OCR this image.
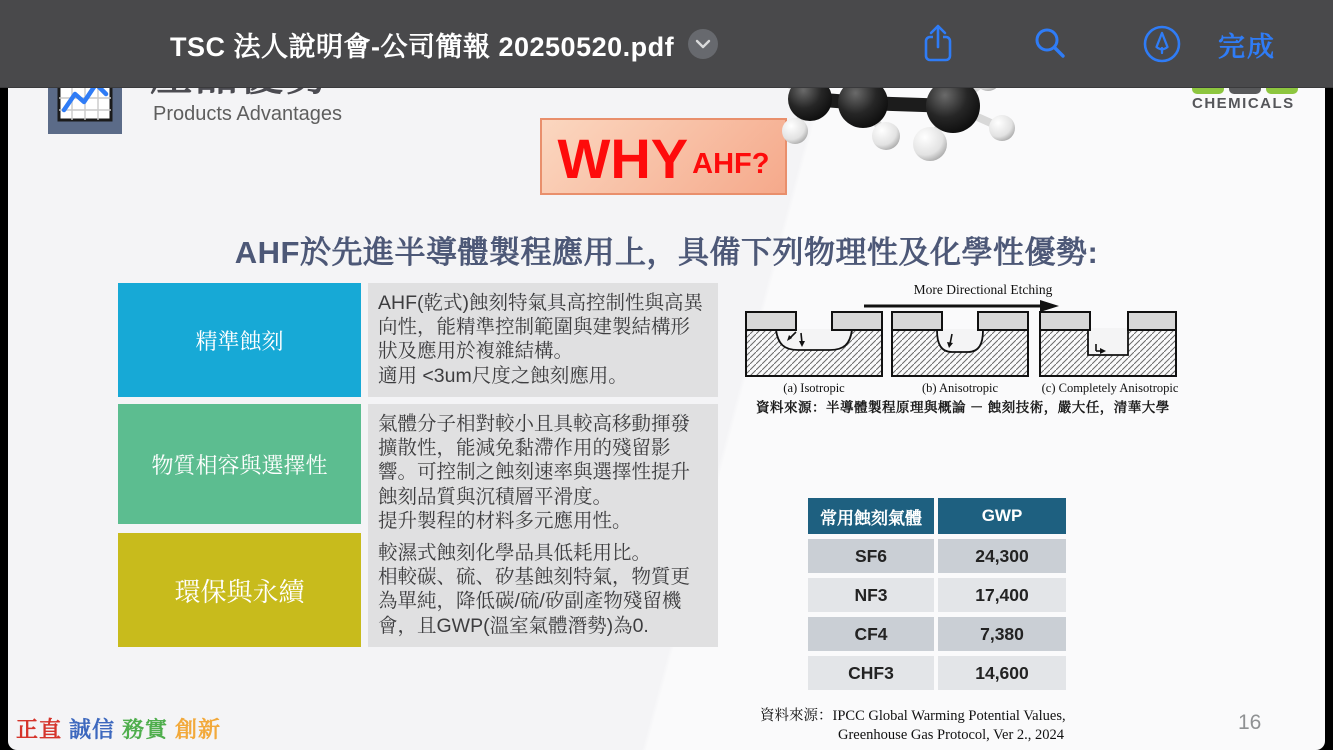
Products Advantages	CHEMICALS
WHY AHF?
AHF於先進半導體製程應用上，具備下列物理性及化學性優勢:
精準蝕刻
AHF(乾式)蝕刻特氣具高控制性與高異向性，能精準控制範圍與建製結構形狀及應用於複雜結構。
適用 <3um尺度之蝕刻應用。
物質相容與選擇性
氣體分子相對較小且具較高移動揮發擴散性，能減免黏滯作用的殘留影響。可控制之蝕刻速率與選擇性提升蝕刻品質與沉積層平滑度。
提升製程的材料多元應用性。
環保與永續
較濕式蝕刻化學品具低耗用比。
相較碳、硫、矽基蝕刻特氣，物質更為單純，降低碳/硫/矽副產物殘留機會，且GWP(溫室氣體潛勢)為0.
More Directional Etching
(a) Isotropic	(b) Anisotropic	(c) Completely Anisotropic
資料來源：半導體製程原理與概論 － 蝕刻技術，嚴大任，清華大學
常用蝕刻氣體	GWP
SF6	24,300
NF3	17,400
CF4	7,380
CHF3	14,600
資料來源：IPCC Global Warming Potential Values,
Greenhouse Gas Protocol, Ver 2., 2024
16
正直 誠信 務實 創新
TSC 法人說明會-公司簡報 20250520.pdf	完成
